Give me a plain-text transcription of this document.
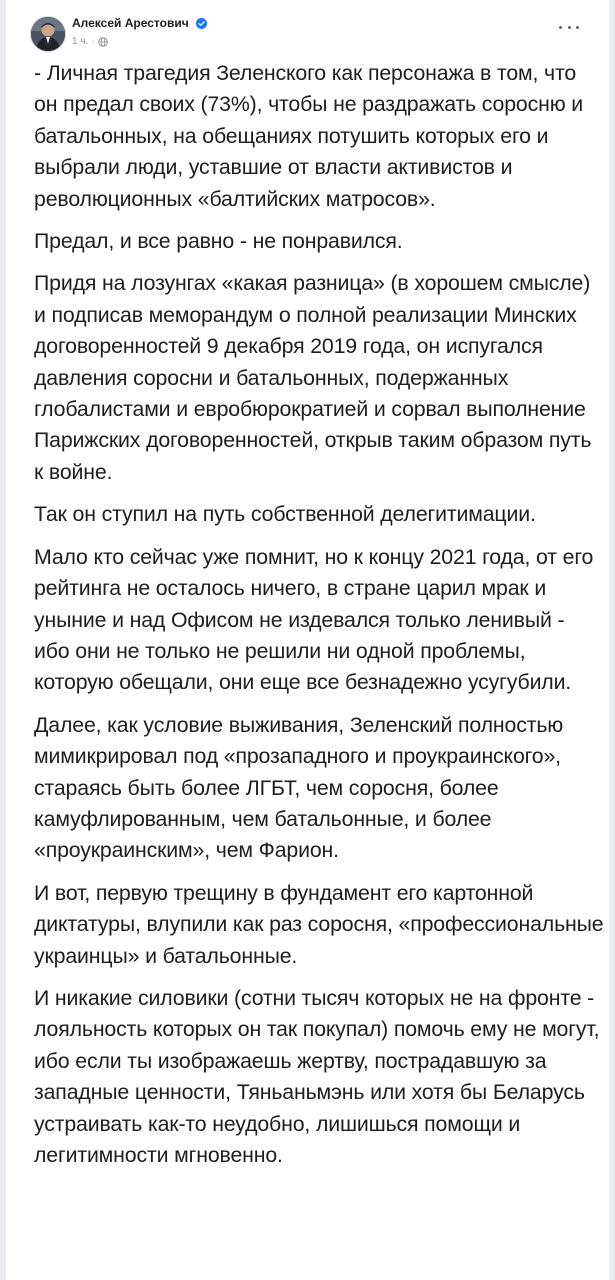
Алексей Арестович
1 ч. ·

- Личная трагедия Зеленского как персонажа в том, что он предал своих (73%), чтобы не раздражать соросню и батальонных, на обещаниях потушить которых его и выбрали люди, уставшие от власти активистов и революционных «балтийских матросов».

Предал, и все равно - не понравился.

Придя на лозунгах «какая разница» (в хорошем смысле) и подписав меморандум о полной реализации Минских договоренностей 9 декабря 2019 года, он испугался давления соросни и батальонных, подержанных глобалистами и евробюрократией и сорвал выполнение Парижских договоренностей, открыв таким образом путь к войне.

Так он ступил на путь собственной делегитимации.

Мало кто сейчас уже помнит, но к концу 2021 года, от его рейтинга не осталось ничего, в стране царил мрак и уныние и над Офисом не издевался только ленивый - ибо они не только не решили ни одной проблемы, которую обещали, они еще все безнадежно усугубили.

Далее, как условие выживания, Зеленский полностью мимикрировал под «прозападного и проукраинского», стараясь быть более ЛГБТ, чем соросня, более камуфлированным, чем батальонные, и более «проукраинским», чем Фарион.

И вот, первую трещину в фундамент его картонной диктатуры, влупили как раз соросня, «профессиональные украинцы» и батальонные.

И никакие силовики (сотни тысяч которых не на фронте - лояльность которых он так покупал) помочь ему не могут, ибо если ты изображаешь жертву, пострадавшую за западные ценности, Тяньаньмэнь или хотя бы Беларусь устраивать как-то неудобно, лишишься помощи и легитимности мгновенно.
